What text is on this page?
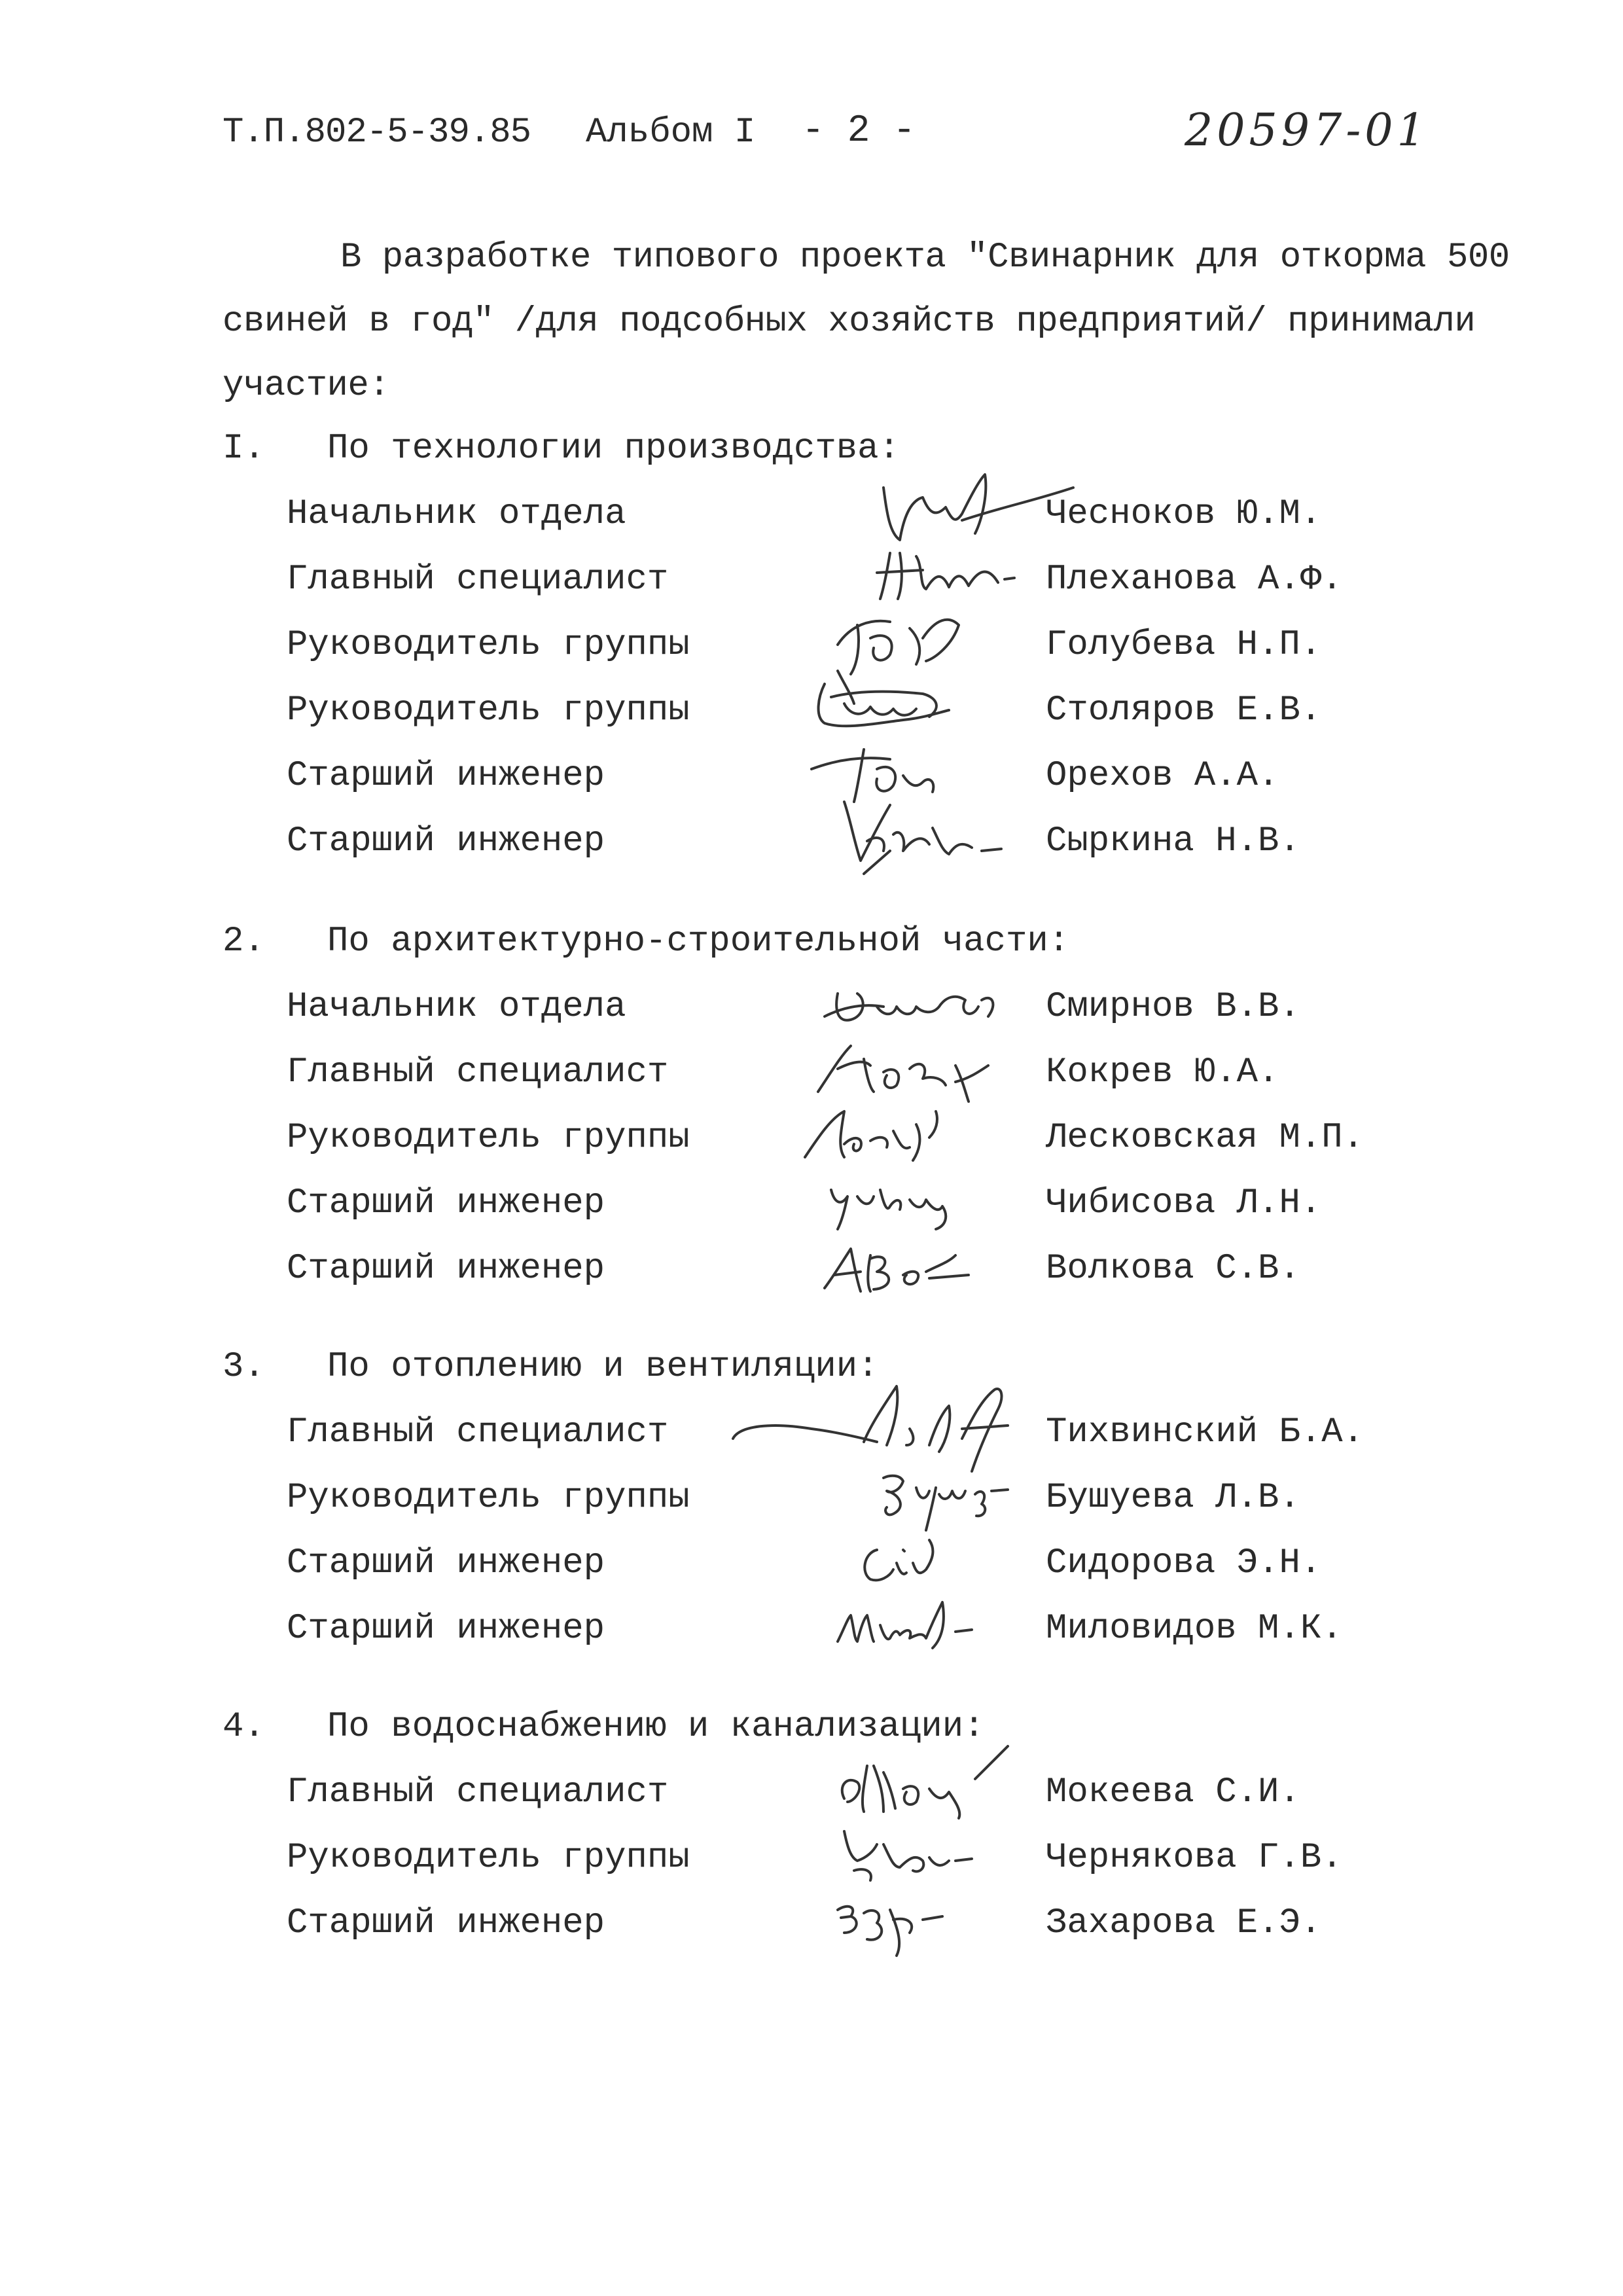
Т.П.802-5-39.85 Альбом I - 2 -	20597-01

В разработке типового проекта "Свинарник для откорма 500 свиней в год" /для подсобных хозяйств предприятий/ принимали участие:

I. По технологии производства:
Начальник отдела	Чесноков Ю.М.
Главный специалист	Плеханова А.Ф.
Руководитель группы	Голубева Н.П.
Руководитель группы	Столяров Е.В.
Старший инженер	Орехов А.А.
Старший инженер	Сыркина Н.В.
2. По архитектурно-строительной части:
Начальник отдела	Смирнов В.В.
Главный специалист	Кокрев Ю.А.
Руководитель группы	Лесковская М.П.
Старший инженер	Чибисова Л.Н.
Старший инженер	Волкова С.В.
3. По отоплению и вентиляции:
Главный специалист	Тихвинский Б.А.
Руководитель группы	Бушуева Л.В.
Старший инженер	Сидорова Э.Н.
Старший инженер	Миловидов М.К.
4. По водоснабжению и канализации:
Главный специалист	Мокеева С.И.
Руководитель группы	Чернякова Г.В.
Старший инженер	Захарова Е.Э.
